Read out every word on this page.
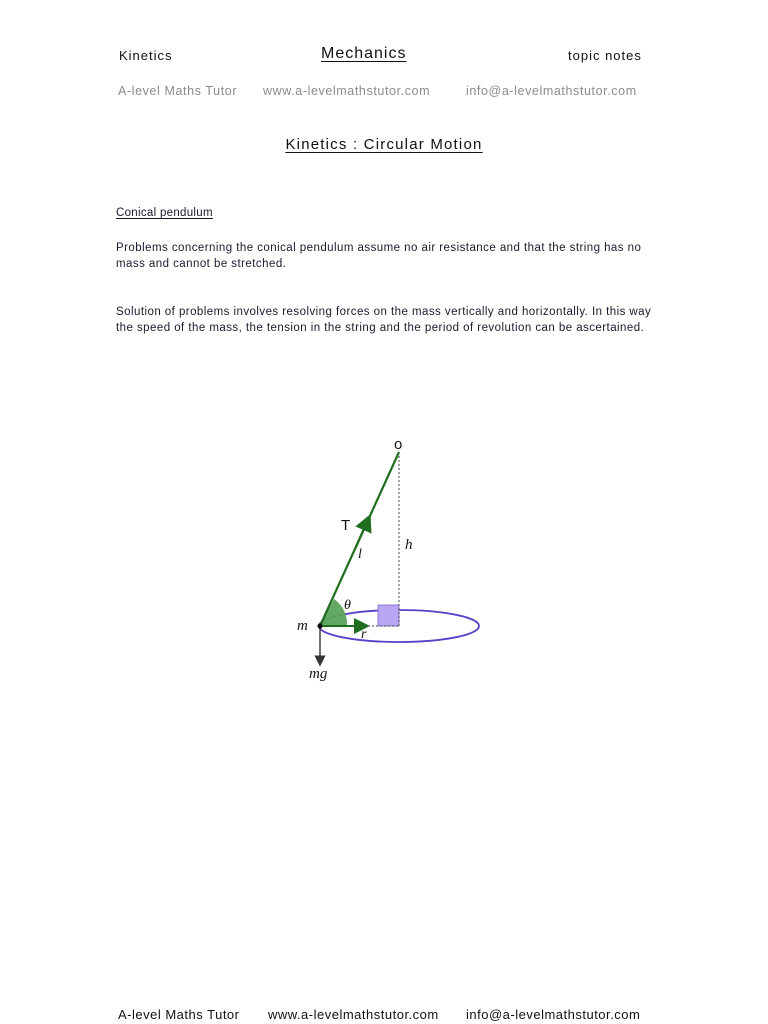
Kinetics	Mechanics	topic notes
A-level Maths Tutor www.a-levelmathstutor.com	info@a-levelmathstutor.com
Kinetics : Circular Motion
Conical pendulum
Problems concerning the conical pendulum assume no air resistance and that the string has no mass and cannot be stretched.
Solution of problems involves resolving forces on the mass vertically and horizontally. In this way the speed of the mass, the tension in the string and the period of revolution can be ascertained.
o
T
l
h
θ
m
r
mg
A-level Maths Tutor www.a-levelmathstutor.com info@a-levelmathstutor.com
